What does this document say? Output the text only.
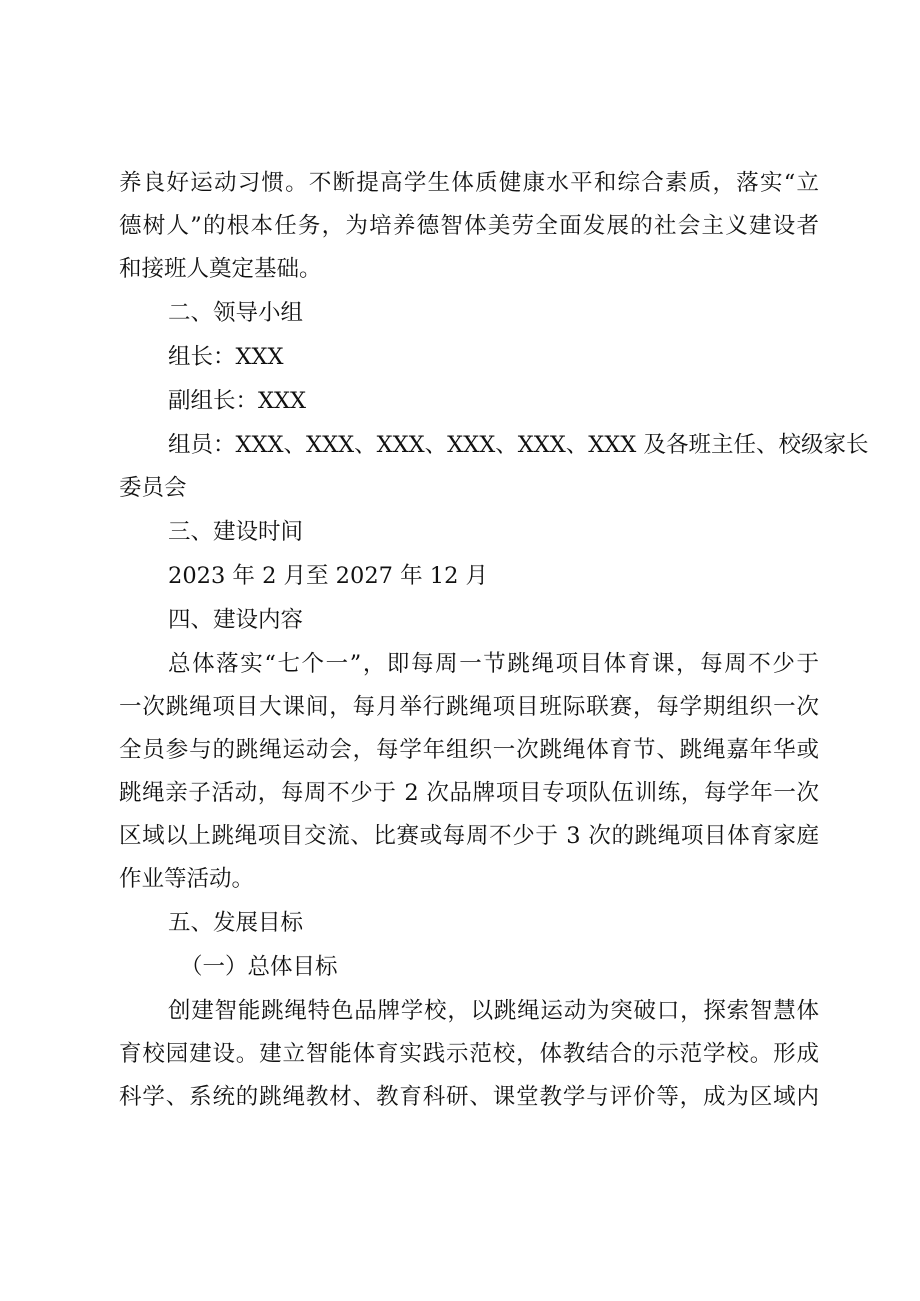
养良好运动习惯。不断提高学生体质健康水平和综合素质，落实“立
德树人”的根本任务，为培养德智体美劳全面发展的社会主义建设者
和接班人奠定基础。
二、领导小组
组长：XXX
副组长：XXX
组员：XXX、XXX、XXX、XXX、XXX、XXX 及各班主任、校级家长
委员会
三、建设时间
2023 年 2 月至 2027 年 12 月
四、建设内容
总体落实“七个一”，即每周一节跳绳项目体育课，每周不少于
一次跳绳项目大课间，每月举行跳绳项目班际联赛，每学期组织一次
全员参与的跳绳运动会，每学年组织一次跳绳体育节、跳绳嘉年华或
跳绳亲子活动，每周不少于 2 次品牌项目专项队伍训练，每学年一次
区域以上跳绳项目交流、比赛或每周不少于 3 次的跳绳项目体育家庭
作业等活动。
五、发展目标
（一）总体目标
创建智能跳绳特色品牌学校，以跳绳运动为突破口，探索智慧体
育校园建设。建立智能体育实践示范校，体教结合的示范学校。形成
科学、系统的跳绳教材、教育科研、课堂教学与评价等，成为区域内
